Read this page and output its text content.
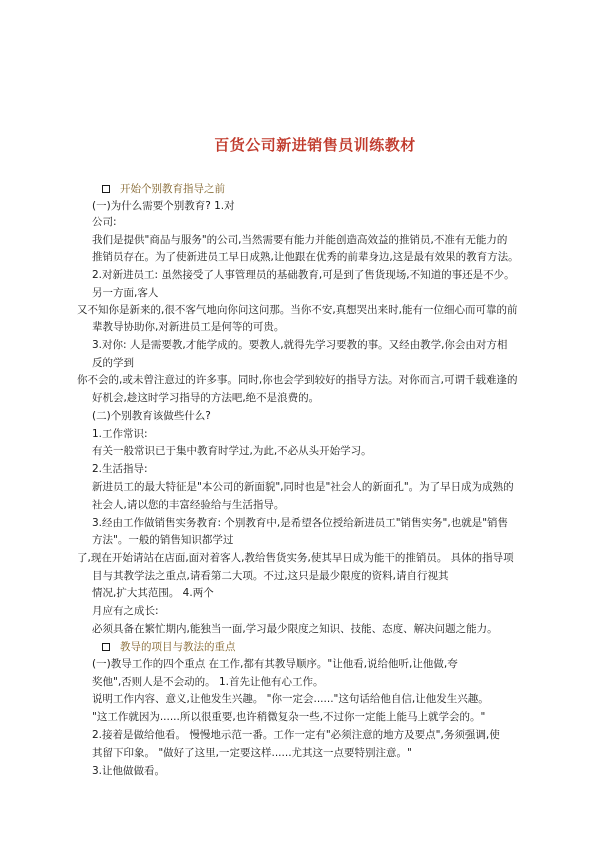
百货公司新进销售员训练教材
开始个别教育指导之前
(一)为什么需要个别教育? 1.对
公司:
我们是提供"商品与服务"的公司,当然需要有能力并能创造高效益的推销员,不准有无能力的
推销员存在。为了使新进员工早日成熟,让他跟在优秀的前辈身边,这是最有效果的教育方法。
2.对新进员工: 虽然接受了人事管理员的基础教育,可是到了售货现场,不知道的事还是不少。
另一方面,客人
又不知你是新来的,很不客气地向你问这问那。当你不安,真想哭出来时,能有一位细心而可靠的前
辈教导协助你,对新进员工是何等的可贵。
3.对你: 人是需要教,才能学成的。要教人,就得先学习要教的事。又经由教学,你会由对方相
反的学到
你不会的,或未曾注意过的许多事。同时,你也会学到较好的指导方法。对你而言,可谓千载难逢的
好机会,趁这时学习指导的方法吧,绝不是浪费的。
(二)个别教育该做些什么?
1.工作常识:
有关一般常识已于集中教育时学过,为此,不必从头开始学习。
2.生活指导:
新进员工的最大特征是"本公司的新面貌",同时也是"社会人的新面孔"。为了早日成为成熟的
社会人,请以您的丰富经验给与生活指导。
3.经由工作做销售实务教育: 个别教育中,是希望各位授给新进员工"销售实务",也就是"销售
方法"。一般的销售知识都学过
了,现在开始请站在店面,面对着客人,教给售货实务,使其早日成为能干的推销员。 具体的指导项
目与其教学法之重点,请看第二大项。不过,这只是最少限度的资料,请自行视其
情况,扩大其范围。 4.两个
月应有之成长:
必须具备在繁忙期内,能独当一面,学习最少限度之知识、技能、态度、解决问题之能力。
教导的项目与教法的重点
(一)教导工作的四个重点 在工作,都有其教导顺序。"让他看,说给他听,让他做,夸
奖他",否则人是不会动的。 1.首先让他有心工作。
说明工作内容、意义,让他发生兴趣。 "你一定会......"这句话给他自信,让他发生兴趣。
"这工作就因为......所以很重要,也许稍微复杂一些,不过你一定能上能马上就学会的。"
2.接着是做给他看。 慢慢地示范一番。工作一定有"必须注意的地方及要点",务须强调,使
其留下印象。 "做好了这里,一定要这样......尤其这一点要特别注意。"
3.让他做做看。
